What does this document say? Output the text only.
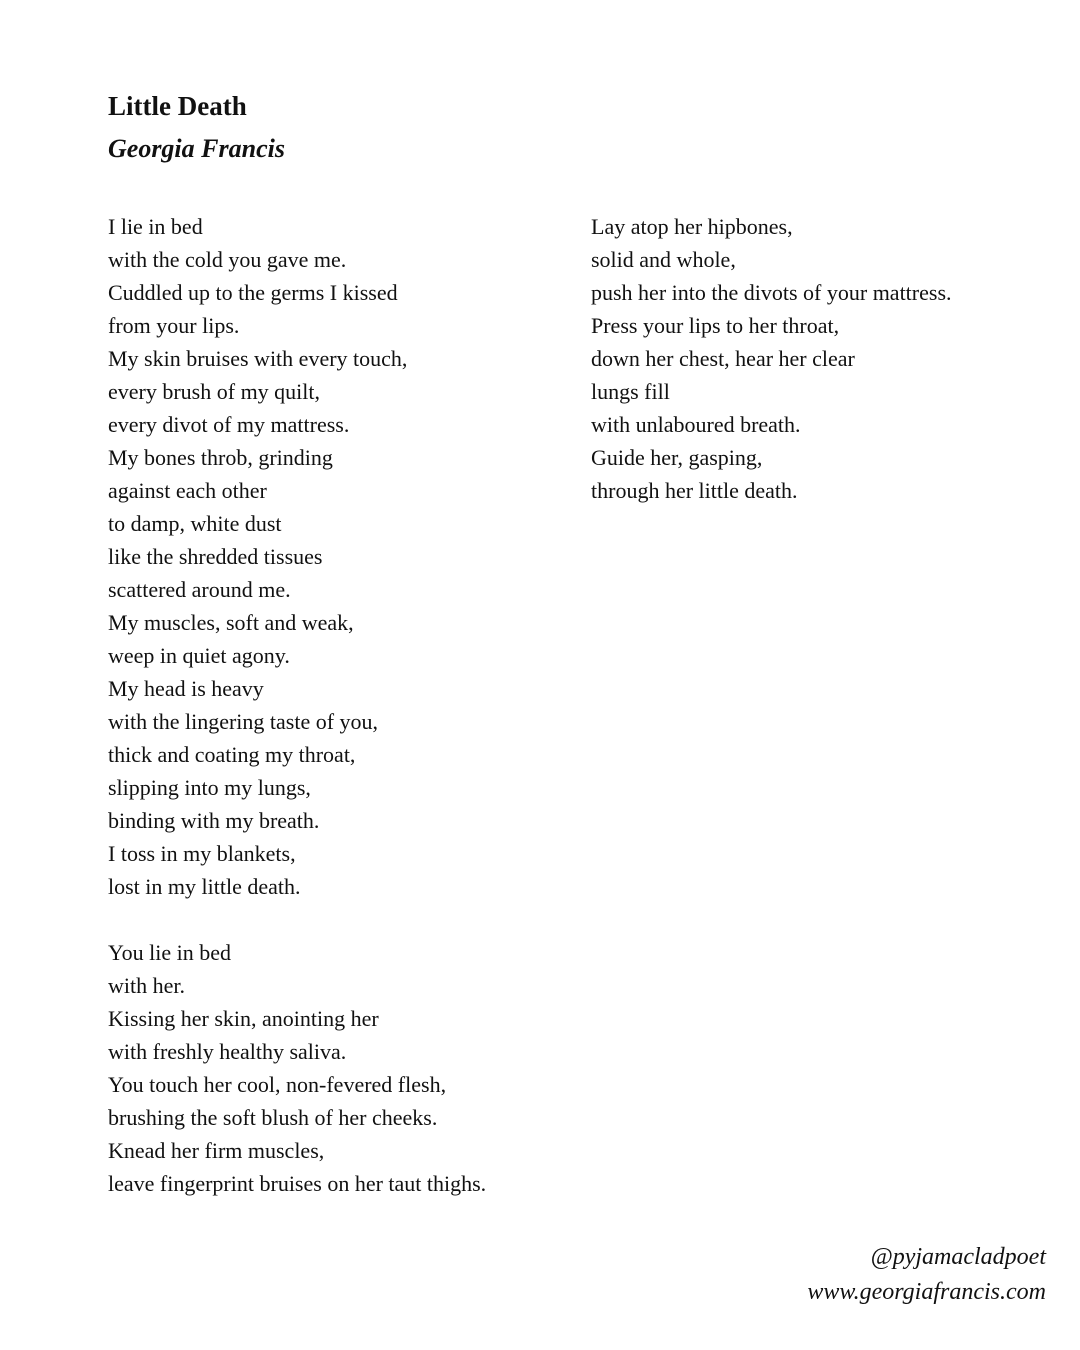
Little Death
Georgia Francis
I lie in bed
with the cold you gave me.
Cuddled up to the germs I kissed
from your lips.
My skin bruises with every touch,
every brush of my quilt,
every divot of my mattress.
My bones throb, grinding
against each other
to damp, white dust
like the shredded tissues
scattered around me.
My muscles, soft and weak,
weep in quiet agony.
My head is heavy
with the lingering taste of you,
thick and coating my throat,
slipping into my lungs,
binding with my breath.
I toss in my blankets,
lost in my little death.
You lie in bed
with her.
Kissing her skin, anointing her
with freshly healthy saliva.
You touch her cool, non-fevered flesh,
brushing the soft blush of her cheeks.
Knead her firm muscles,
leave fingerprint bruises on her taut thighs.
Lay atop her hipbones,
solid and whole,
push her into the divots of your mattress.
Press your lips to her throat,
down her chest, hear her clear
lungs fill
with unlaboured breath.
Guide her, gasping,
through her little death.
@pyjamacladpoet
www.georgiafrancis.com
